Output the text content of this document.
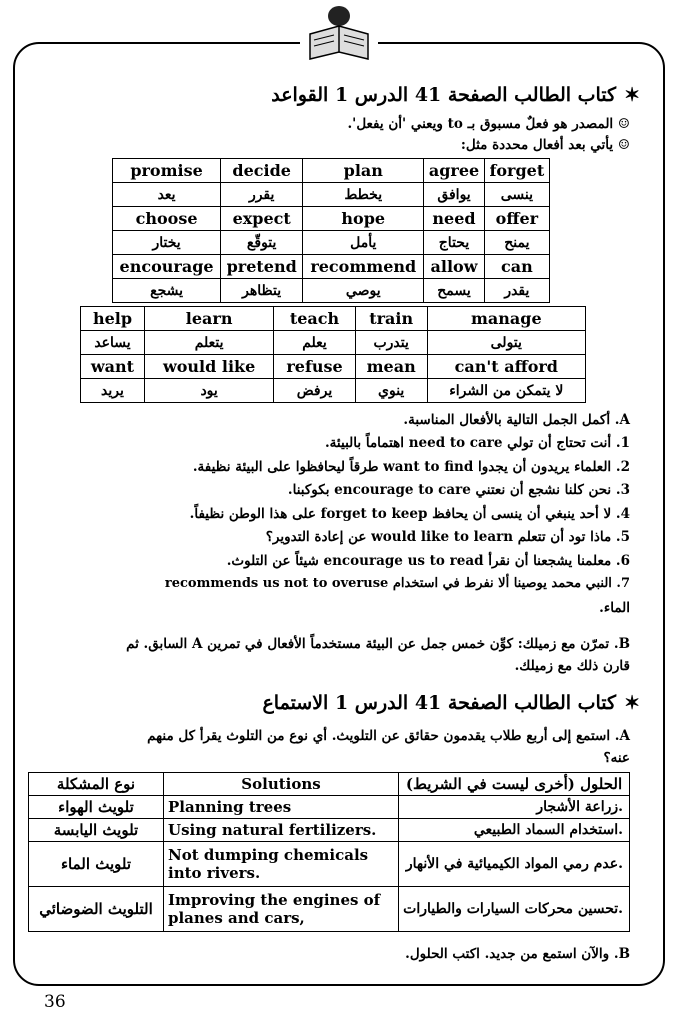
✶كتاب الطالب الصفحة 41 الدرس 1 القواعد
☺ المصدر هو فعلٌ مسبوق بـ to ويعني 'أن يفعل'.
☺ يأتي بعد أفعال محددة مثل:
promise	decide	plan	agree	forget
يعد	يقرر	يخطط	يوافق	ينسى
choose	expect	hope	need	offer
يختار	يتوقّع	يأمل	يحتاج	يمنح
encourage	pretend	recommend	allow	can
يشجع	يتظاهر	يوصي	يسمح	يقدر
help	learn	teach	train	manage
يساعد	يتعلم	يعلم	يتدرب	يتولى
want	would like	refuse	mean	can't afford
يريد	يود	يرفض	ينوي	لا يتمكن من الشراء
A. أكمل الجمل التالية بالأفعال المناسبة.
1. أنت تحتاج أن تولي need to care اهتماماً بالبيئة.
2. العلماء يريدون أن يجدوا want to find طرقاً ليحافظوا على البيئة نظيفة.
3. نحن كلنا نشجع أن نعتني encourage to care بكوكبنا.
4. لا أحد ينبغي أن ينسى أن يحافظ forget to keep على هذا الوطن نظيفاً.
5. ماذا تود أن تتعلم would like to learn عن إعادة التدوير؟
6. معلمنا يشجعنا أن نقرأ encourage us to read شيئاً عن التلوث.
7. النبي محمد يوصينا ألا نفرط في استخدام recommends us not to overuse
الماء.
B. تمرّن مع زميلك: كوِّن خمس جمل عن البيئة مستخدماً الأفعال في تمرين A السابق. ثم
قارن ذلك مع زميلك.
✶كتاب الطالب الصفحة 41 الدرس 1 الاستماع
A. استمع إلى أربع طلاب يقدمون حقائق عن التلويث. أي نوع من التلوث يقرأ كل منهم
عنه؟
نوع المشكلة	Solutions	الحلول (أخرى ليست في الشريط)
تلويث الهواء	Planning trees	زراعة الأشجار.
تلويث اليابسة	Using natural fertilizers.	استخدام السماد الطبيعي.
تلويث الماء	Not dumping chemicals into rivers.	عدم رمي المواد الكيميائية في الأنهار.
التلويث الضوضائي	Improving the engines of planes and cars,	تحسين محركات السيارات والطيارات.
B. والآن استمع من جديد. اكتب الحلول.
36
